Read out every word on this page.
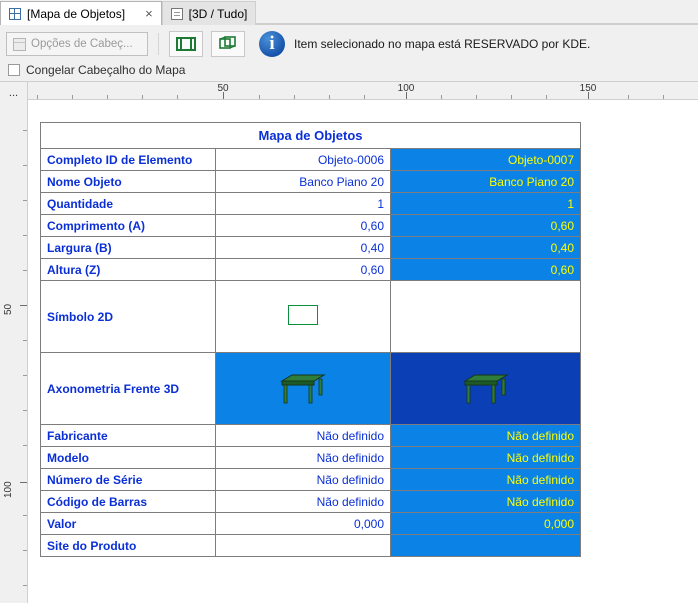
[Mapa de Objetos] ×	[3D / Tudo]
Opções de Cabeç...	i	Item selecionado no mapa está RESERVADO por KDE.
Congelar Cabeçalho do Mapa
...	50	100	150
50
100
Mapa de Objetos		
Completo ID de Elemento	Objeto-0006	Objeto-0007
Nome Objeto	Banco Piano 20	Banco Piano 20
Quantidade	1	1
Comprimento (A)	0,60	0,60
Largura (B)	0,40	0,40
Altura (Z)	0,60	0,60
Símbolo 2D		
Axonometria Frente 3D		
Fabricante	Não definido	Não definido
Modelo	Não definido	Não definido
Número de Série	Não definido	Não definido
Código de Barras	Não definido	Não definido
Valor	0,000	0,000
Site do Produto		
